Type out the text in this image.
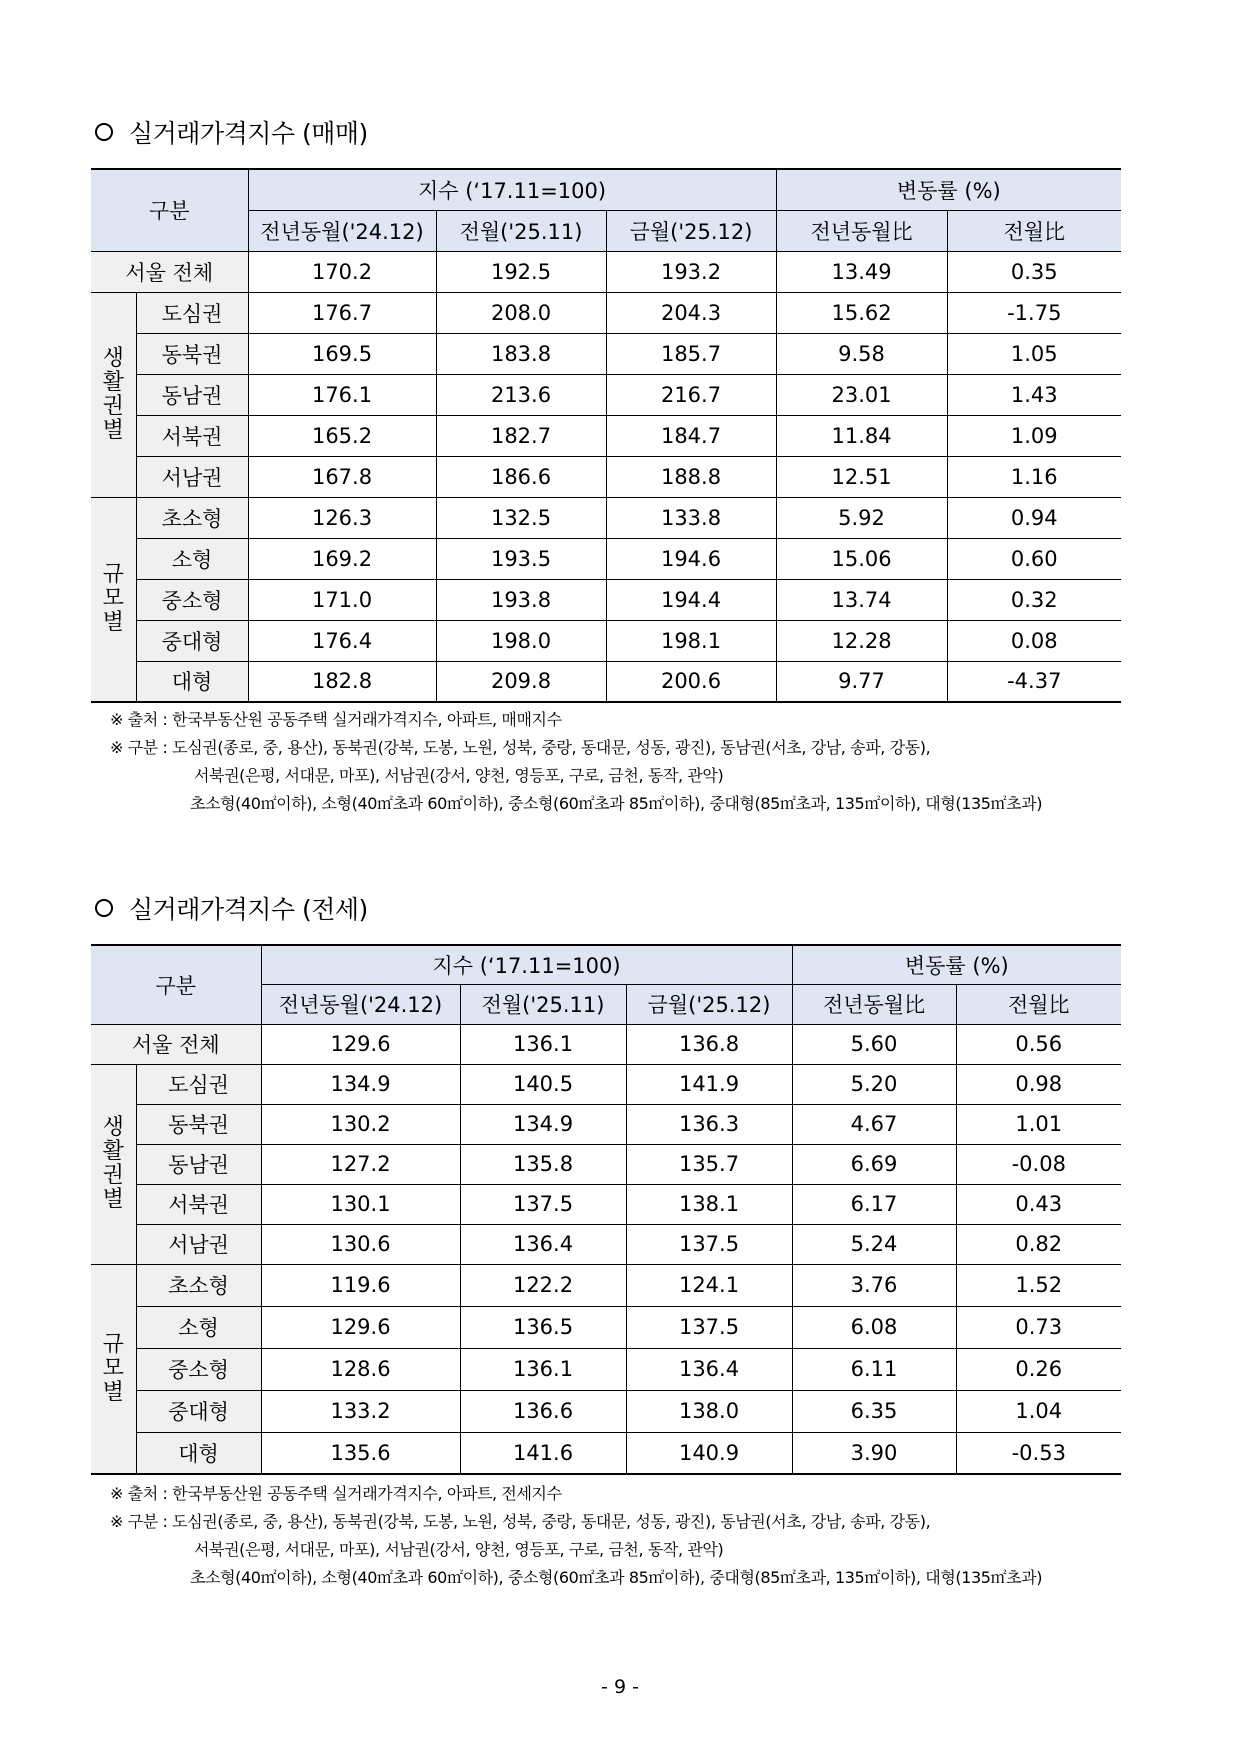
실거래가격지수 (매매)
구분		지수 (‘17.11=100)			변동률 (%)	
		전년동월('24.12)	전월('25.11)	금월('25.12)	전년동월比	전월比
서울 전체		170.2	192.5	193.2	13.49	0.35
생활권별	도심권	176.7	208.0	204.3	15.62	-1.75
	동북권	169.5	183.8	185.7	9.58	1.05
	동남권	176.1	213.6	216.7	23.01	1.43
	서북권	165.2	182.7	184.7	11.84	1.09
	서남권	167.8	186.6	188.8	12.51	1.16
규모별	초소형	126.3	132.5	133.8	5.92	0.94
	소형	169.2	193.5	194.6	15.06	0.60
	중소형	171.0	193.8	194.4	13.74	0.32
	중대형	176.4	198.0	198.1	12.28	0.08
	대형	182.8	209.8	200.6	9.77	-4.37
※ 출처 : 한국부동산원 공동주택 실거래가격지수, 아파트, 매매지수
※ 구분 : 도심권(종로, 중, 용산), 동북권(강북, 도봉, 노원, 성북, 중랑, 동대문, 성동, 광진), 동남권(서초, 강남, 송파, 강동),
서북권(은평, 서대문, 마포), 서남권(강서, 양천, 영등포, 구로, 금천, 동작, 관악)
초소형(40㎡이하), 소형(40㎡초과 60㎡이하), 중소형(60㎡초과 85㎡이하), 중대형(85㎡초과, 135㎡이하), 대형(135㎡초과)
실거래가격지수 (전세)
구분		지수 (‘17.11=100)			변동률 (%)	
		전년동월('24.12)	전월('25.11)	금월('25.12)	전년동월比	전월比
서울 전체		129.6	136.1	136.8	5.60	0.56
생활권별	도심권	134.9	140.5	141.9	5.20	0.98
	동북권	130.2	134.9	136.3	4.67	1.01
	동남권	127.2	135.8	135.7	6.69	-0.08
	서북권	130.1	137.5	138.1	6.17	0.43
	서남권	130.6	136.4	137.5	5.24	0.82
규모별	초소형	119.6	122.2	124.1	3.76	1.52
	소형	129.6	136.5	137.5	6.08	0.73
	중소형	128.6	136.1	136.4	6.11	0.26
	중대형	133.2	136.6	138.0	6.35	1.04
	대형	135.6	141.6	140.9	3.90	-0.53
※ 출처 : 한국부동산원 공동주택 실거래가격지수, 아파트, 전세지수
※ 구분 : 도심권(종로, 중, 용산), 동북권(강북, 도봉, 노원, 성북, 중랑, 동대문, 성동, 광진), 동남권(서초, 강남, 송파, 강동),
서북권(은평, 서대문, 마포), 서남권(강서, 양천, 영등포, 구로, 금천, 동작, 관악)
초소형(40㎡이하), 소형(40㎡초과 60㎡이하), 중소형(60㎡초과 85㎡이하), 중대형(85㎡초과, 135㎡이하), 대형(135㎡초과)
- 9 -
